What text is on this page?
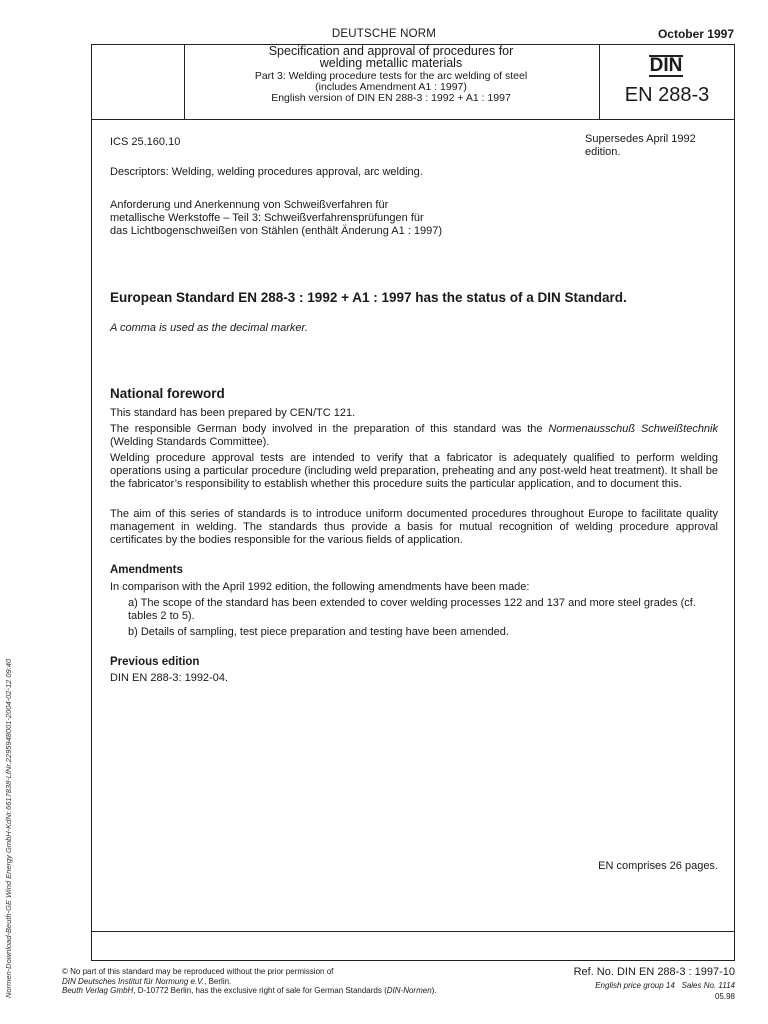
DEUTSCHE NORM	October 1997
Specification and approval of procedures for
welding metallic materials
Part 3: Welding procedure tests for the arc welding of steel
(includes Amendment A1 : 1997)
English version of DIN EN 288-3 : 1992 + A1 : 1997
DIN
EN 288-3
ICS 25.160.10	Supersedes April 1992
edition.
Descriptors: Welding, welding procedures approval, arc welding.
Anforderung und Anerkennung von Schweißverfahren für
metallische Werkstoffe – Teil 3: Schweißverfahrensprüfungen für
das Lichtbogenschweißen von Stählen (enthält Änderung A1 : 1997)
European Standard EN 288-3 : 1992 + A1 : 1997 has the status of a DIN Standard.
A comma is used as the decimal marker.
National foreword
This standard has been prepared by CEN/TC 121.
The responsible German body involved in the preparation of this standard was the Normenausschuß Schweißtechnik (Welding Standards Committee).
Welding procedure approval tests are intended to verify that a fabricator is adequately qualified to perform welding operations using a particular procedure (including weld preparation, preheating and any post-weld heat treatment). It shall be the fabricator’s responsibility to establish whether this procedure suits the particular application, and to document this.
The aim of this series of standards is to introduce uniform documented procedures throughout Europe to facilitate quality management in welding. The standards thus provide a basis for mutual recognition of welding procedure approval certificates by the bodies responsible for the various fields of application.
Amendments
In comparison with the April 1992 edition, the following amendments have been made:
a) The scope of the standard has been extended to cover welding processes 122 and 137 and more steel grades (cf. tables 2 to 5).
b) Details of sampling, test piece preparation and testing have been amended.
Previous edition
DIN EN 288-3: 1992-04.
EN comprises 26 pages.
© No part of this standard may be reproduced without the prior permission of
DIN Deutsches Institut für Normung e.V., Berlin.
Beuth Verlag GmbH, D-10772 Berlin, has the exclusive right of sale for German Standards (DIN-Normen).
Ref. No. DIN EN 288-3 : 1997-10
English price group 14 Sales No. 1114
05.98
Normen-Download-Beuth-GE Wind Energy GmbH-KdNr.6617838-LfNr.2295948001-2004-02-12 09:40
